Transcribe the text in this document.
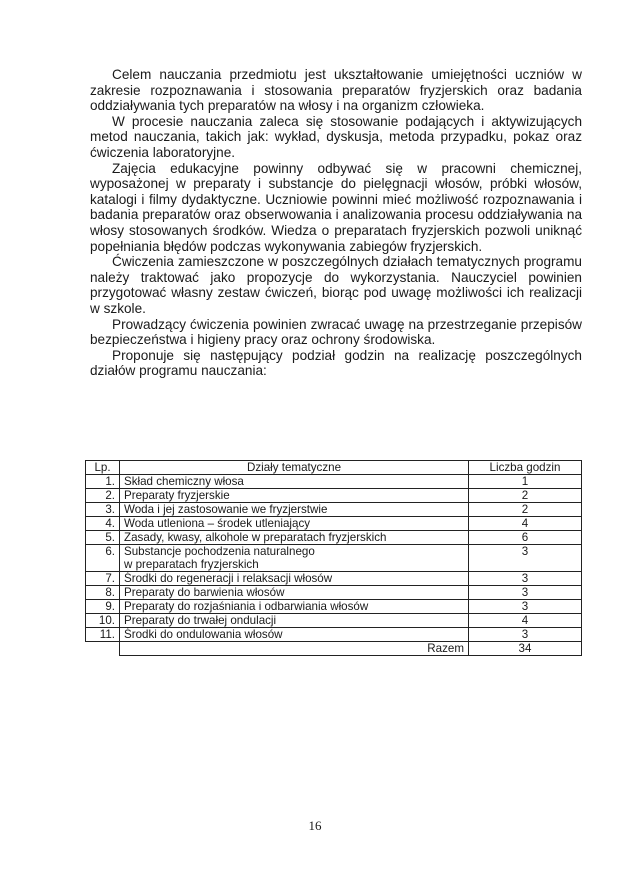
Celem nauczania przedmiotu jest ukształtowanie umiejętności uczniów w zakresie rozpoznawania i stosowania preparatów fryzjerskich oraz badania oddziaływania tych preparatów na włosy i na organizm człowieka.

W procesie nauczania zaleca się stosowanie podających i aktywizujących metod nauczania, takich jak: wykład, dyskusja, metoda przypadku, pokaz oraz ćwiczenia laboratoryjne.

Zajęcia edukacyjne powinny odbywać się w pracowni chemicznej, wyposażonej w preparaty i substancje do pielęgnacji włosów, próbki włosów, katalogi i filmy dydaktyczne. Uczniowie powinni mieć możliwość rozpoznawania i badania preparatów oraz obserwowania i analizowania procesu oddziaływania na włosy stosowanych środków. Wiedza o preparatach fryzjerskich pozwoli uniknąć popełniania błędów podczas wykonywania zabiegów fryzjerskich.

Ćwiczenia zamieszczone w poszczególnych działach tematycznych programu należy traktować jako propozycje do wykorzystania. Nauczyciel powinien przygotować własny zestaw ćwiczeń, biorąc pod uwagę możliwości ich realizacji w szkole.

Prowadzący ćwiczenia powinien zwracać uwagę na przestrzeganie przepisów bezpieczeństwa i higieny pracy oraz ochrony środowiska.

Proponuje się następujący podział godzin na realizację poszczególnych działów programu nauczania:

Lp.	Działy tematyczne	Liczba godzin
1.	Skład chemiczny włosa	1
2.	Preparaty fryzjerskie	2
3.	Woda i jej zastosowanie we fryzjerstwie	2
4.	Woda utleniona – środek utleniający	4
5.	Zasady, kwasy, alkohole w preparatach fryzjerskich	6
6.	Substancje pochodzenia naturalnego
w preparatach fryzjerskich	3
7.	Środki do regeneracji i relaksacji włosów	3
8.	Preparaty do barwienia włosów	3
9.	Preparaty do rozjaśniania i odbarwiania włosów	3
10.	Preparaty do trwałej ondulacji	4
11.	Środki do ondulowania włosów	3
	Razem	34
16
